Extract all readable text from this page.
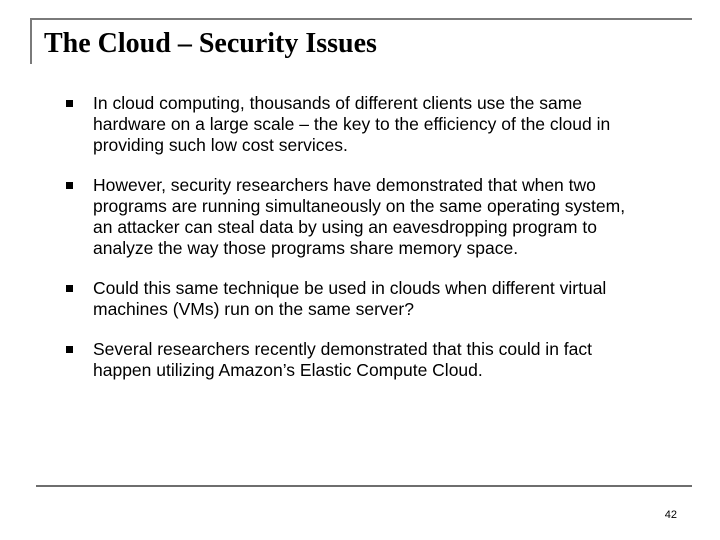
The Cloud – Security Issues
In cloud computing, thousands of different clients use the same hardware on a large scale – the key to the efficiency of the cloud in providing such low cost services.
However, security researchers have demonstrated that when two programs are running simultaneously on the same operating system, an attacker can steal data by using an eavesdropping program to analyze the way those programs share memory space.
Could this same technique be used in clouds when different virtual machines (VMs) run on the same server?
Several researchers recently demonstrated that this could in fact happen utilizing Amazon’s Elastic Compute Cloud.
42
